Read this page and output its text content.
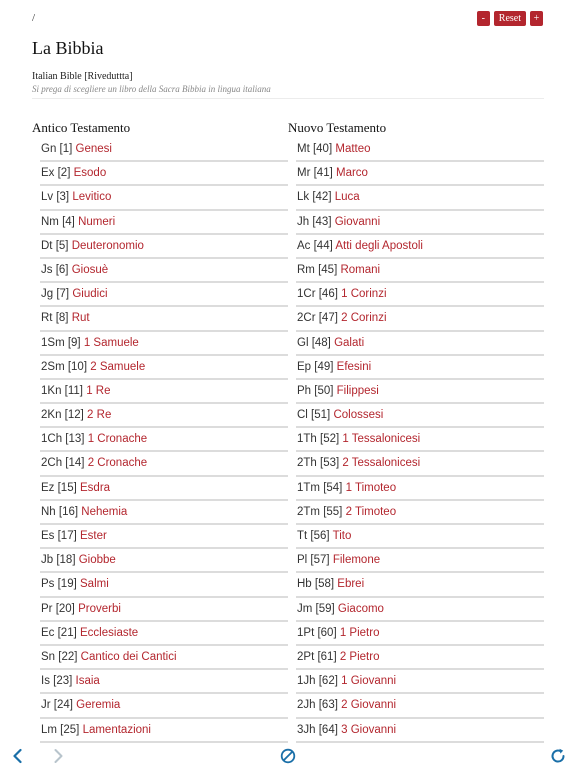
/	-	Reset	+
La Bibbia
Italian Bible [Riveduttta]
Si prega di scegliere un libro della Sacra Bibbia in lingua italiana
Antico Testamento
Gn [1] Genesi
Ex [2] Esodo
Lv [3] Levitico
Nm [4] Numeri
Dt [5] Deuteronomio
Js [6] Giosuè
Jg [7] Giudici
Rt [8] Rut
1Sm [9] 1 Samuele
2Sm [10] 2 Samuele
1Kn [11] 1 Re
2Kn [12] 2 Re
1Ch [13] 1 Cronache
2Ch [14] 2 Cronache
Ez [15] Esdra
Nh [16] Nehemia
Es [17] Ester
Jb [18] Giobbe
Ps [19] Salmi
Pr [20] Proverbi
Ec [21] Ecclesiaste
Sn [22] Cantico dei Cantici
Is [23] Isaia
Jr [24] Geremia
Lm [25] Lamentazioni
Nuovo Testamento
Mt [40] Matteo
Mr [41] Marco
Lk [42] Luca
Jh [43] Giovanni
Ac [44] Atti degli Apostoli
Rm [45] Romani
1Cr [46] 1 Corinzi
2Cr [47] 2 Corinzi
Gl [48] Galati
Ep [49] Efesini
Ph [50] Filippesi
Cl [51] Colossesi
1Th [52] 1 Tessalonicesi
2Th [53] 2 Tessalonicesi
1Tm [54] 1 Timoteo
2Tm [55] 2 Timoteo
Tt [56] Tito
Pl [57] Filemone
Hb [58] Ebrei
Jm [59] Giacomo
1Pt [60] 1 Pietro
2Pt [61] 2 Pietro
1Jh [62] 1 Giovanni
2Jh [63] 2 Giovanni
3Jh [64] 3 Giovanni
